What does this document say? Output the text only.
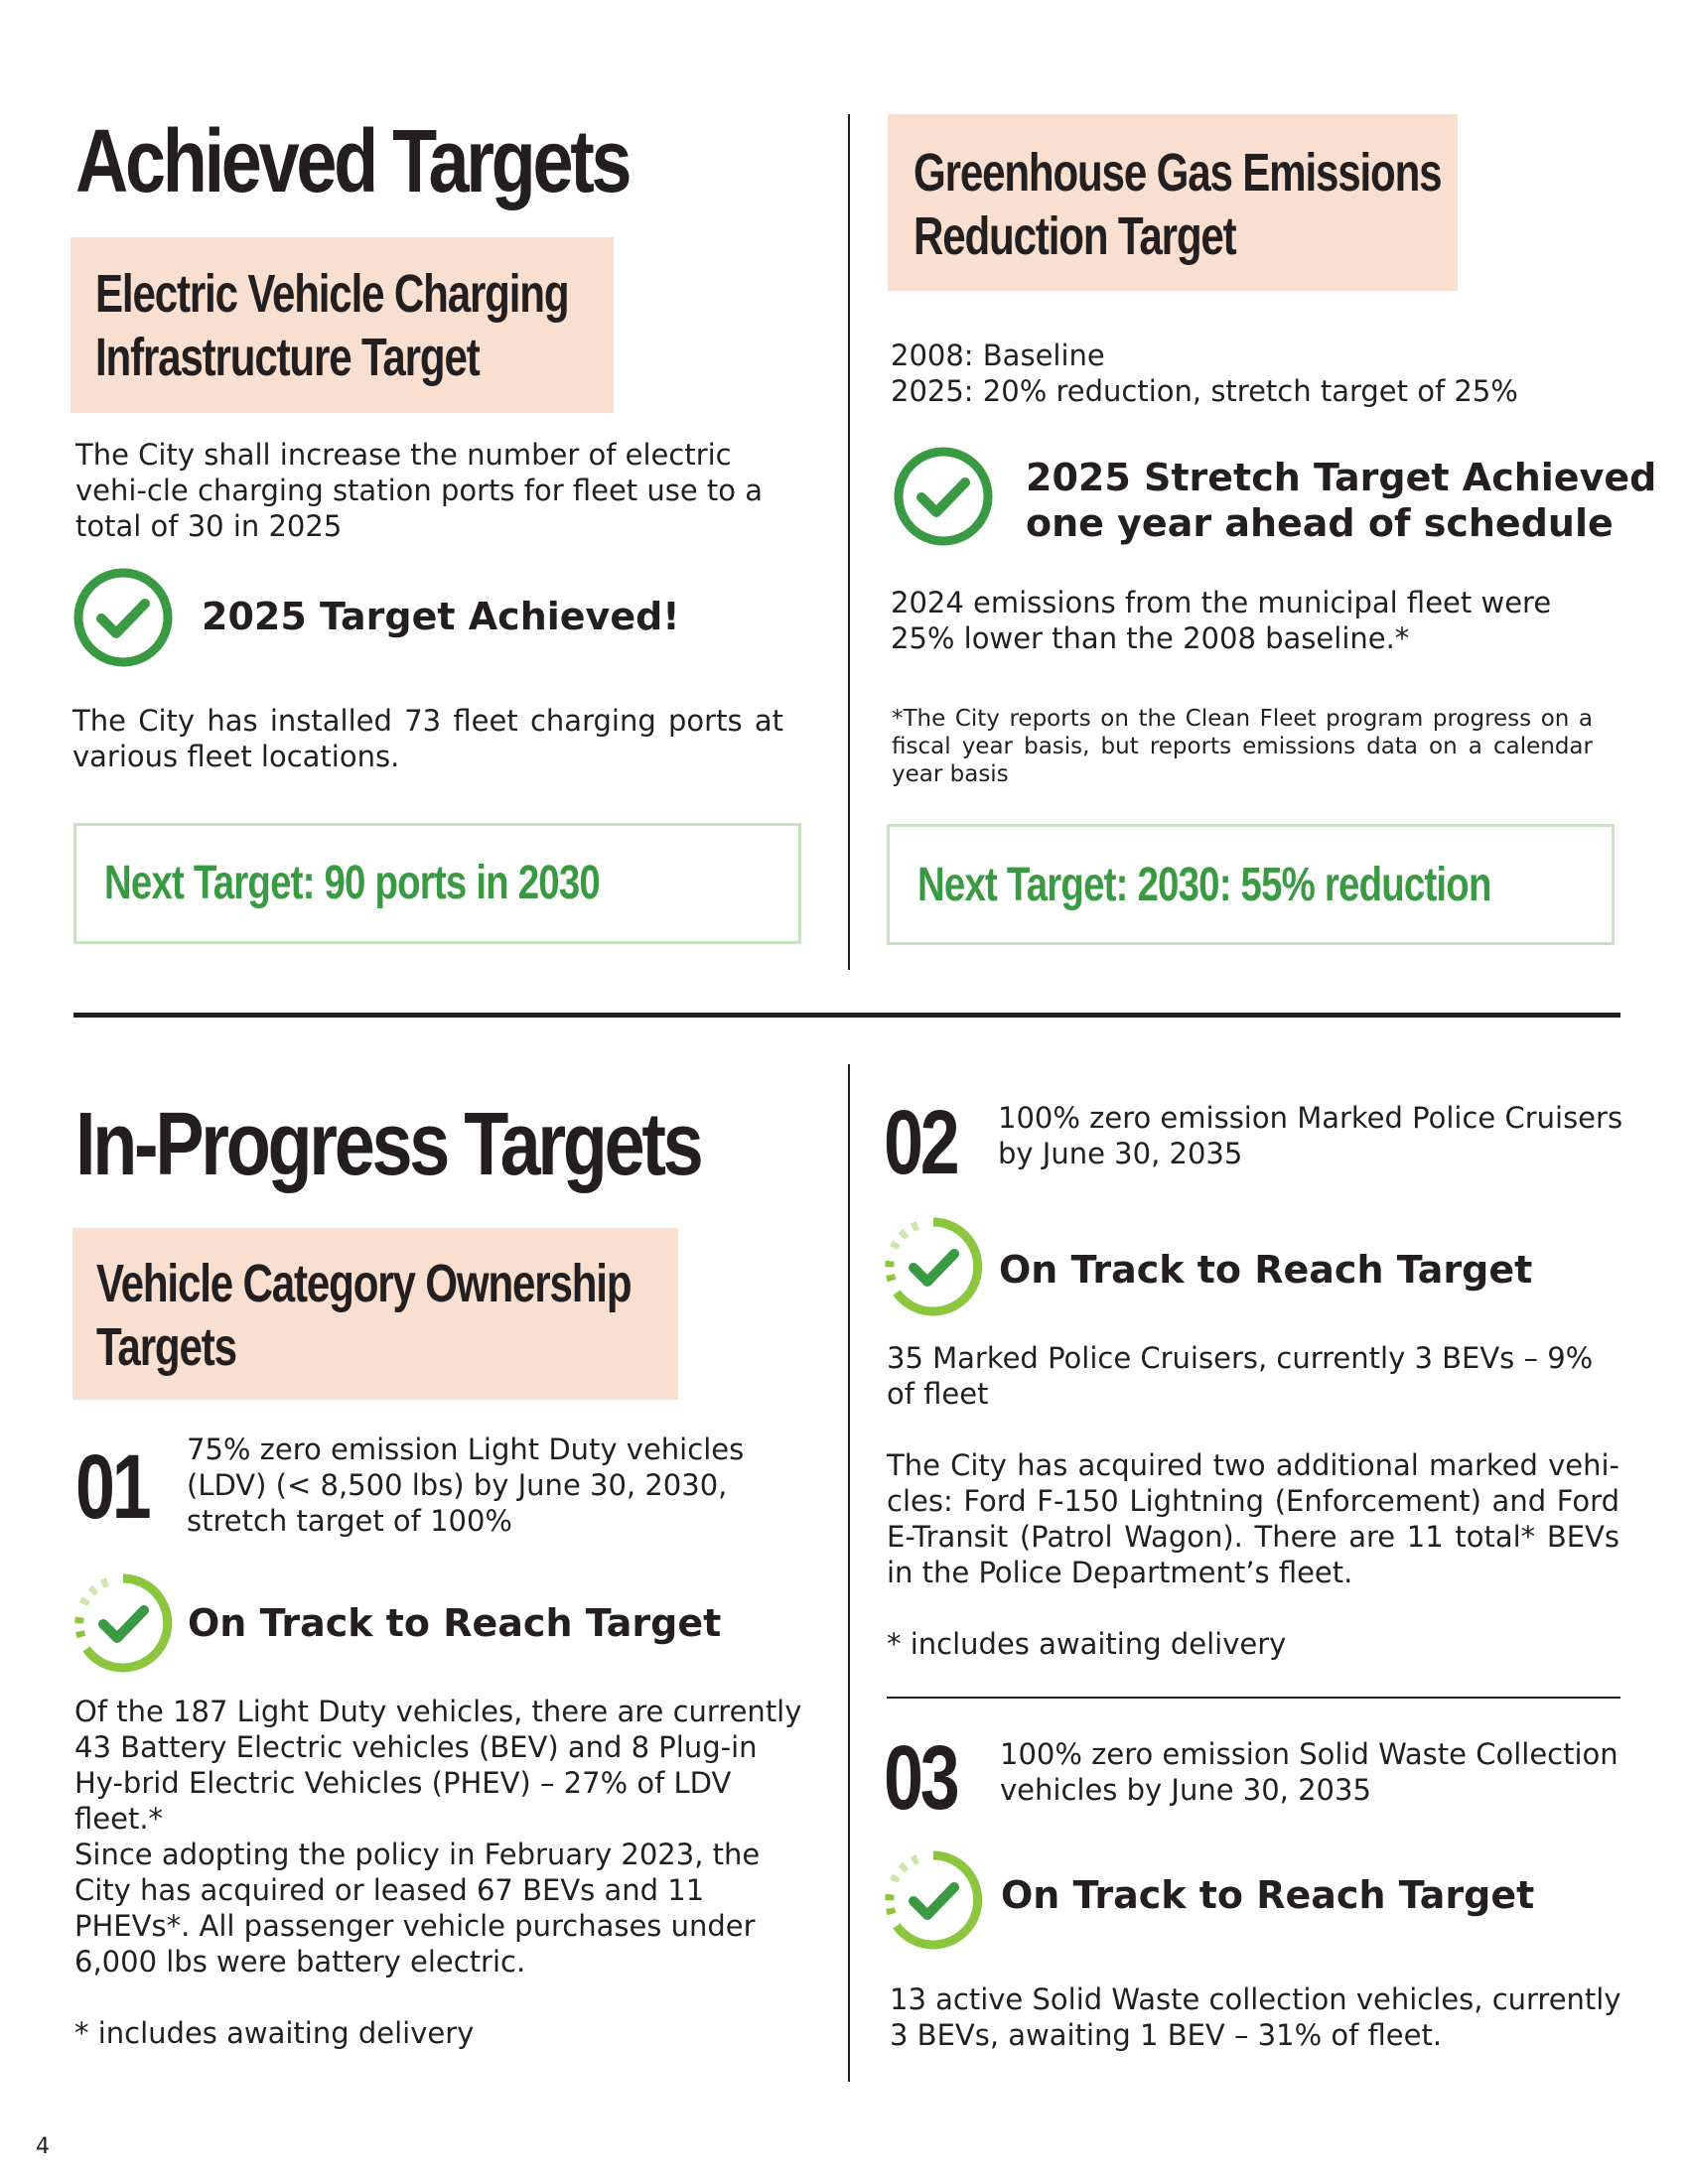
Achieved Targets
Electric Vehicle Charging
Infrastructure Target
The City shall increase the number of electric vehi-cle charging station ports for fleet use to a total of 30 in 2025
2025 Target Achieved!
The City has installed 73 fleet charging ports at various fleet locations.
Next Target: 90 ports in 2030
Greenhouse Gas Emissions
Reduction Target
2008: Baseline
2025: 20% reduction, stretch target of 25%
2025 Stretch Target Achieved
one year ahead of schedule
2024 emissions from the municipal fleet were 25% lower than the 2008 baseline.*
*The City reports on the Clean Fleet program progress on a fiscal year basis, but reports emissions data on a calendar year basis
Next Target: 2030: 55% reduction
In-Progress Targets
Vehicle Category Ownership
Targets
01 75% zero emission Light Duty vehicles (LDV) (< 8,500 lbs) by June 30, 2030, stretch target of 100%
On Track to Reach Target
Of the 187 Light Duty vehicles, there are currently 43 Battery Electric vehicles (BEV) and 8 Plug-in Hy-brid Electric Vehicles (PHEV) – 27% of LDV fleet.*
Since adopting the policy in February 2023, the City has acquired or leased 67 BEVs and 11 PHEVs*. All passenger vehicle purchases under 6,000 lbs were battery electric.
* includes awaiting delivery
02 100% zero emission Marked Police Cruisers by June 30, 2035
On Track to Reach Target
35 Marked Police Cruisers, currently 3 BEVs – 9% of fleet
The City has acquired two additional marked vehi-cles: Ford F-150 Lightning (Enforcement) and Ford E-Transit (Patrol Wagon). There are 11 total* BEVs in the Police Department’s fleet.
* includes awaiting delivery
03 100% zero emission Solid Waste Collection vehicles by June 30, 2035
On Track to Reach Target
13 active Solid Waste collection vehicles, currently 3 BEVs, awaiting 1 BEV – 31% of fleet.
4
